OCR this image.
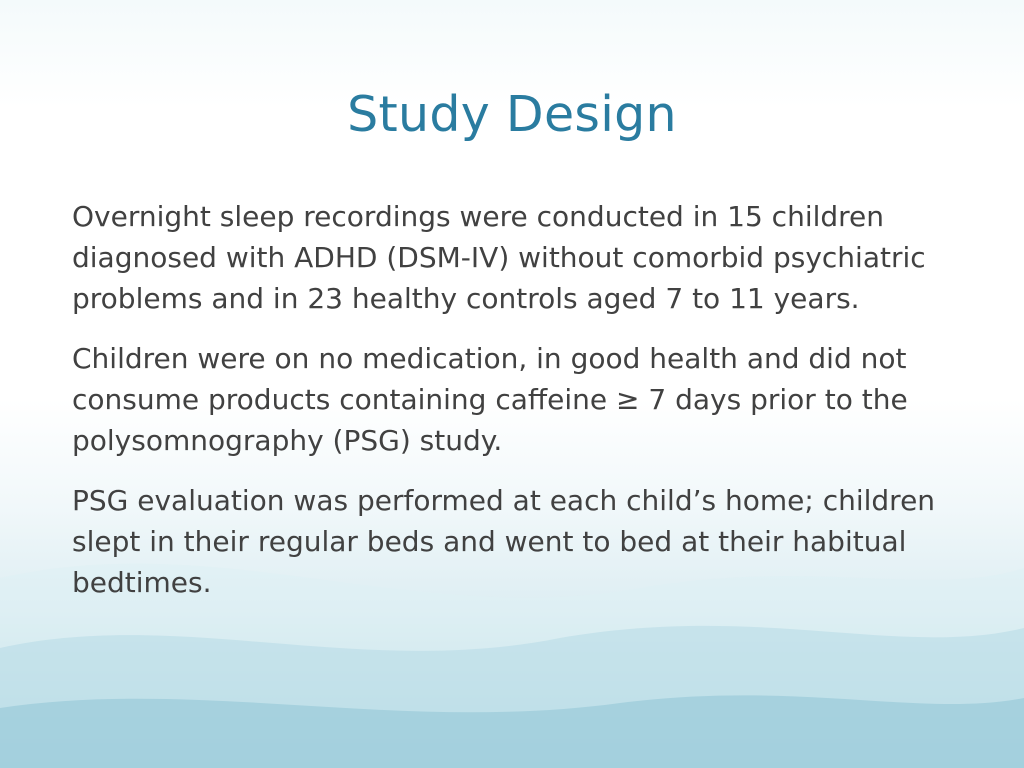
Study Design

Overnight sleep recordings were conducted in 15 children diagnosed with ADHD (DSM-IV) without comorbid psychiatric problems and in 23 healthy controls aged 7 to 11 years.

Children were on no medication, in good health and did not consume products containing caffeine ≥ 7 days prior to the polysomnography (PSG) study.

PSG evaluation was performed at each child’s home; children slept in their regular beds and went to bed at their habitual bedtimes.
